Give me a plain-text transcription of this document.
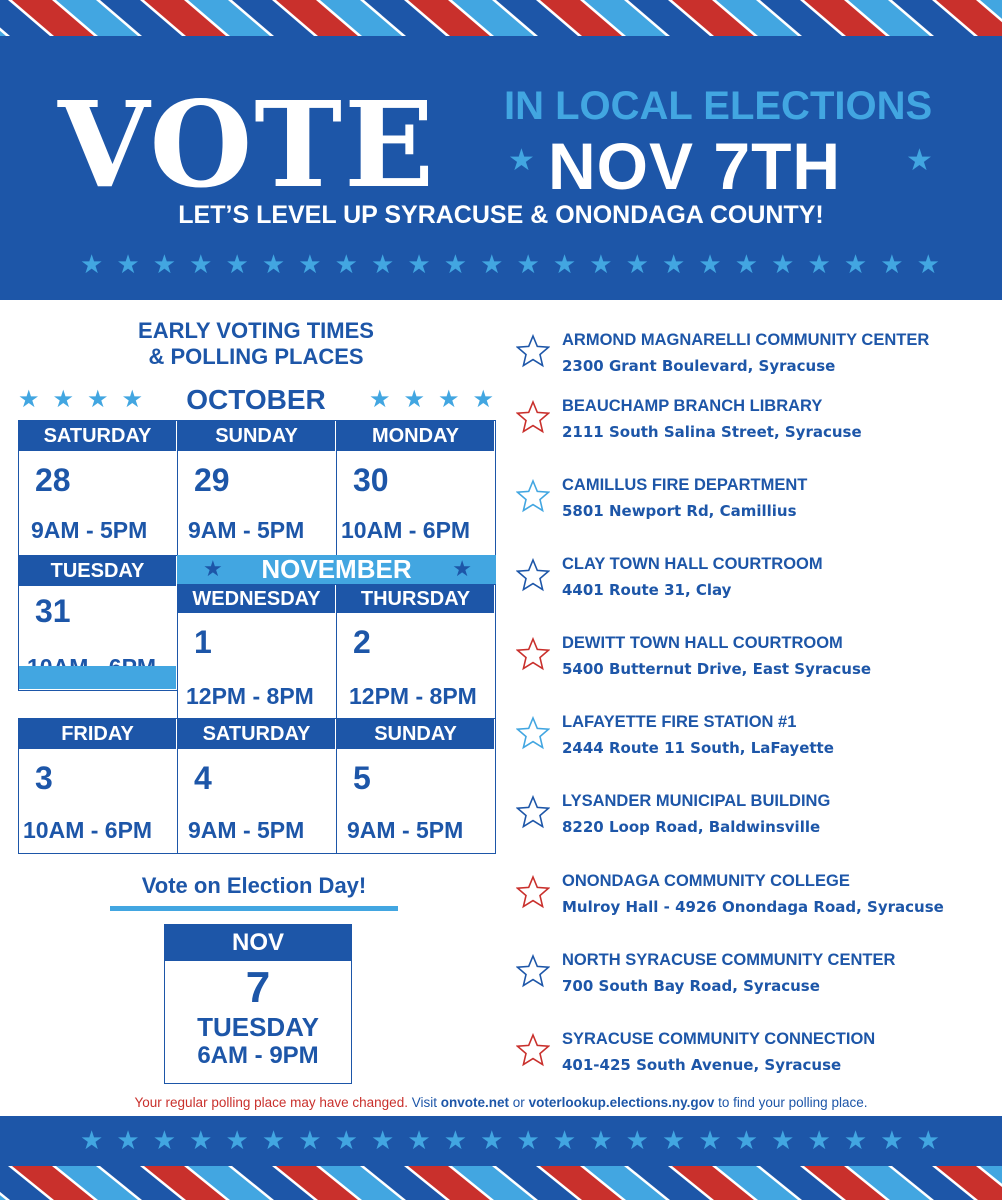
VOTE IN LOCAL ELECTIONS
★ NOV 7TH ★
LET’S LEVEL UP SYRACUSE & ONONDAGA COUNTY!
★ ★ ★ ★ ★ ★ ★ ★ ★ ★ ★ ★ ★ ★ ★ ★ ★ ★ ★ ★ ★ ★ ★ ★
EARLY VOTING TIMES
& POLLING PLACES
★ ★ ★ ★ OCTOBER ★ ★ ★ ★
SATURDAY
28
9AM - 5PM
SUNDAY
29
9AM - 5PM
MONDAY
30
10AM - 6PM
TUESDAY
31
★	NOVEMBER	★
WEDNESDAY
1
12PM - 8PM
THURSDAY
2
12PM - 8PM
FRIDAY
3
10AM - 6PM
SATURDAY
4
9AM - 5PM
SUNDAY
5
9AM - 5PM
Vote on Election Day!
NOV
7
TUESDAY
6AM - 9PM
ARMOND MAGNARELLI COMMUNITY CENTER
2300 Grant Boulevard, Syracuse
BEAUCHAMP BRANCH LIBRARY
2111 South Salina Street, Syracuse
CAMILLUS FIRE DEPARTMENT
5801 Newport Rd, Camillius
CLAY TOWN HALL COURTROOM
4401 Route 31, Clay
DEWITT TOWN HALL COURTROOM
5400 Butternut Drive, East Syracuse
LAFAYETTE FIRE STATION #1
2444 Route 11 South, LaFayette
LYSANDER MUNICIPAL BUILDING
8220 Loop Road, Baldwinsville
ONONDAGA COMMUNITY COLLEGE
Mulroy Hall - 4926 Onondaga Road, Syracuse
NORTH SYRACUSE COMMUNITY CENTER
700 South Bay Road, Syracuse
SYRACUSE COMMUNITY CONNECTION
401-425 South Avenue, Syracuse
Your regular polling place may have changed. Visit onvote.net or voterlookup.elections.ny.gov to find your polling place.
★ ★ ★ ★ ★ ★ ★ ★ ★ ★ ★ ★ ★ ★ ★ ★ ★ ★ ★ ★ ★ ★ ★ ★
